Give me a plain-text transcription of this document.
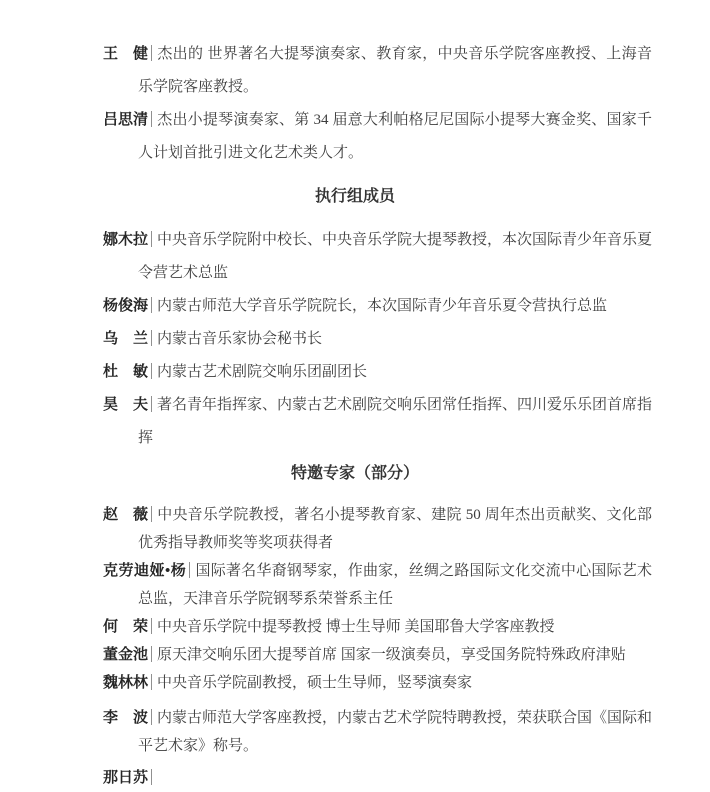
王 健 杰出的 世界著名大提琴演奏家、教育家，中央音乐学院客座教授、上海音乐学院客座教授。

吕思清 杰出小提琴演奏家、第 34 届意大利帕格尼尼国际小提琴大赛金奖、国家千人计划首批引进文化艺术类人才。

执行组成员

娜木拉 中央音乐学院附中校长、中央音乐学院大提琴教授，本次国际青少年音乐夏令营艺术总监

杨俊海 内蒙古师范大学音乐学院院长，本次国际青少年音乐夏令营执行总监

乌 兰 内蒙古音乐家协会秘书长

杜 敏 内蒙古艺术剧院交响乐团副团长

昊 夫 著名青年指挥家、内蒙古艺术剧院交响乐团常任指挥、四川爱乐乐团首席指挥

特邀专家（部分）

赵 薇 中央音乐学院教授，著名小提琴教育家、建院 50 周年杰出贡献奖、文化部优秀指导教师奖等奖项获得者

克劳迪娅•杨 国际著名华裔钢琴家，作曲家，丝绸之路国际文化交流中心国际艺术总监，天津音乐学院钢琴系荣誉系主任

何 荣 中央音乐学院中提琴教授 博士生导师 美国耶鲁大学客座教授

董金池 原天津交响乐团大提琴首席 国家一级演奏员，享受国务院特殊政府津贴

魏林林 中央音乐学院副教授，硕士生导师，竖琴演奏家

李 波 内蒙古师范大学客座教授，内蒙古艺术学院特聘教授，荣获联合国《国际和平艺术家》称号。

那日苏
